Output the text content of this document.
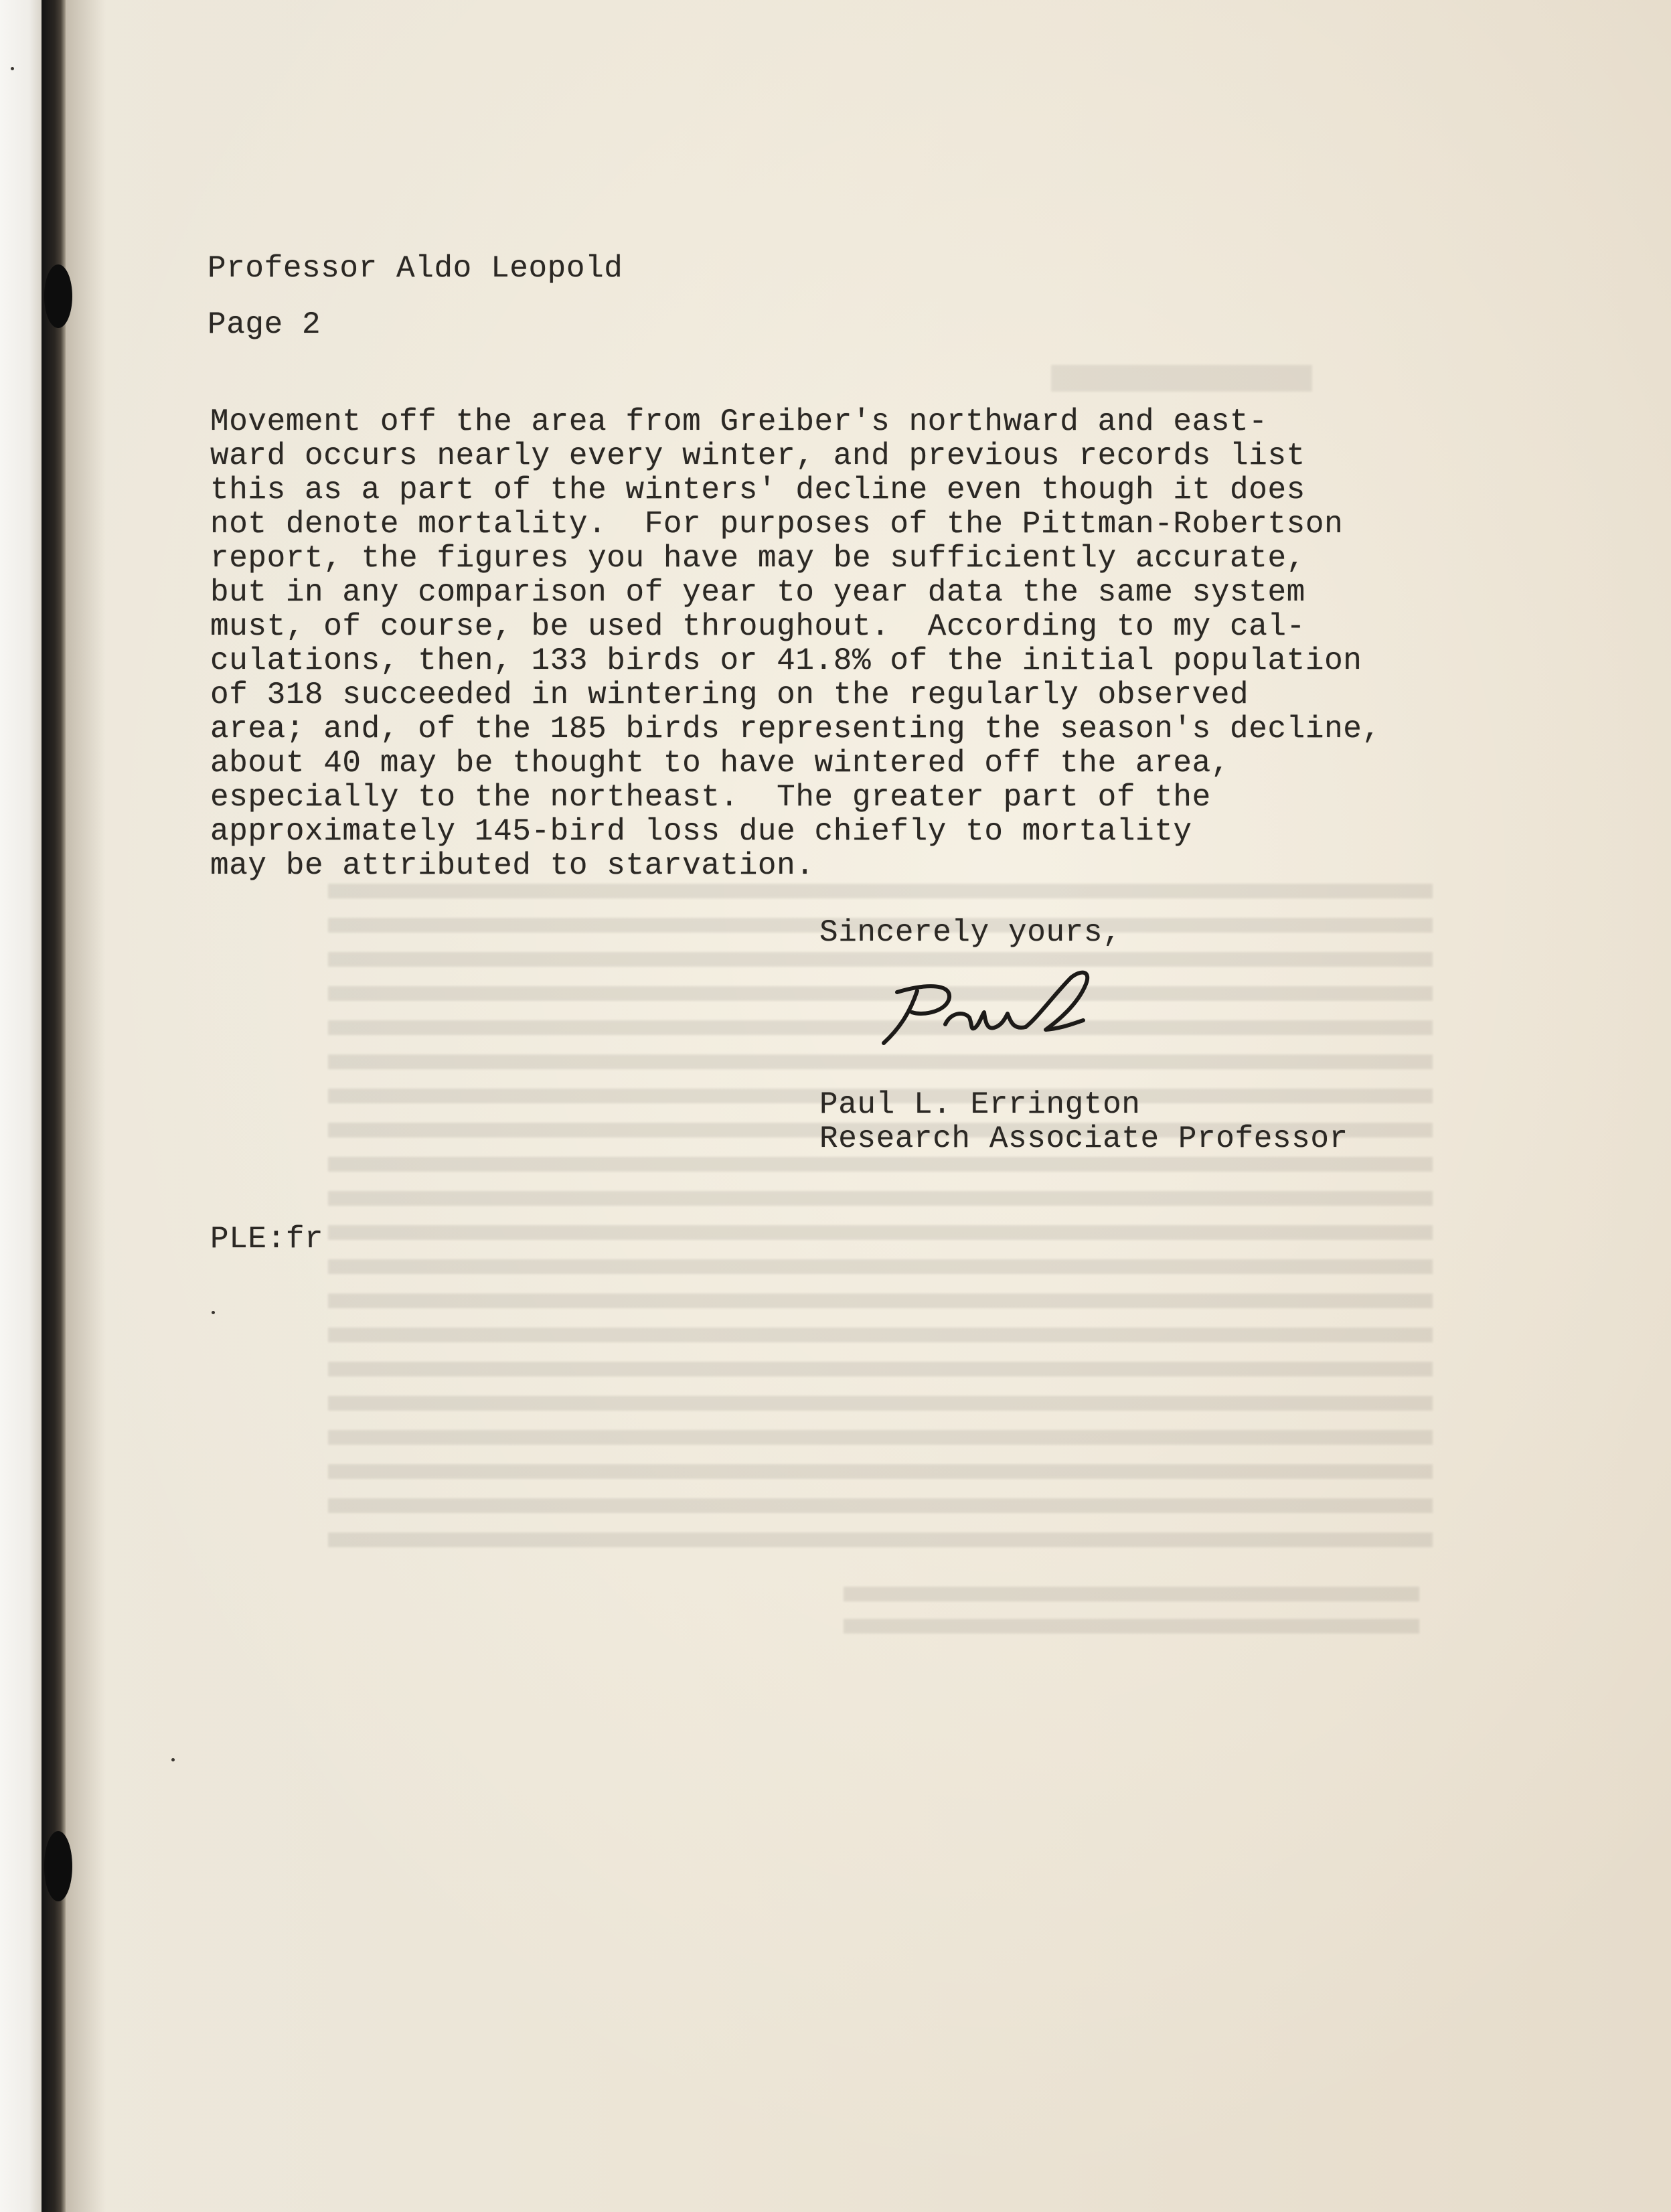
Professor Aldo Leopold

Page 2

Movement off the area from Greiber's northward and east-
ward occurs nearly every winter, and previous records list
this as a part of the winters' decline even though it does
not denote mortality.  For purposes of the Pittman-Robertson
report, the figures you have may be sufficiently accurate,
but in any comparison of year to year data the same system
must, of course, be used throughout.  According to my cal-
culations, then, 133 birds or 41.8% of the initial population
of 318 succeeded in wintering on the regularly observed
area; and, of the 185 birds representing the season's decline,
about 40 may be thought to have wintered off the area,
especially to the northeast.  The greater part of the
approximately 145-bird loss due chiefly to mortality
may be attributed to starvation.

Sincerely yours,

Paul L. Errington

Research Associate Professor

PLE:fr
